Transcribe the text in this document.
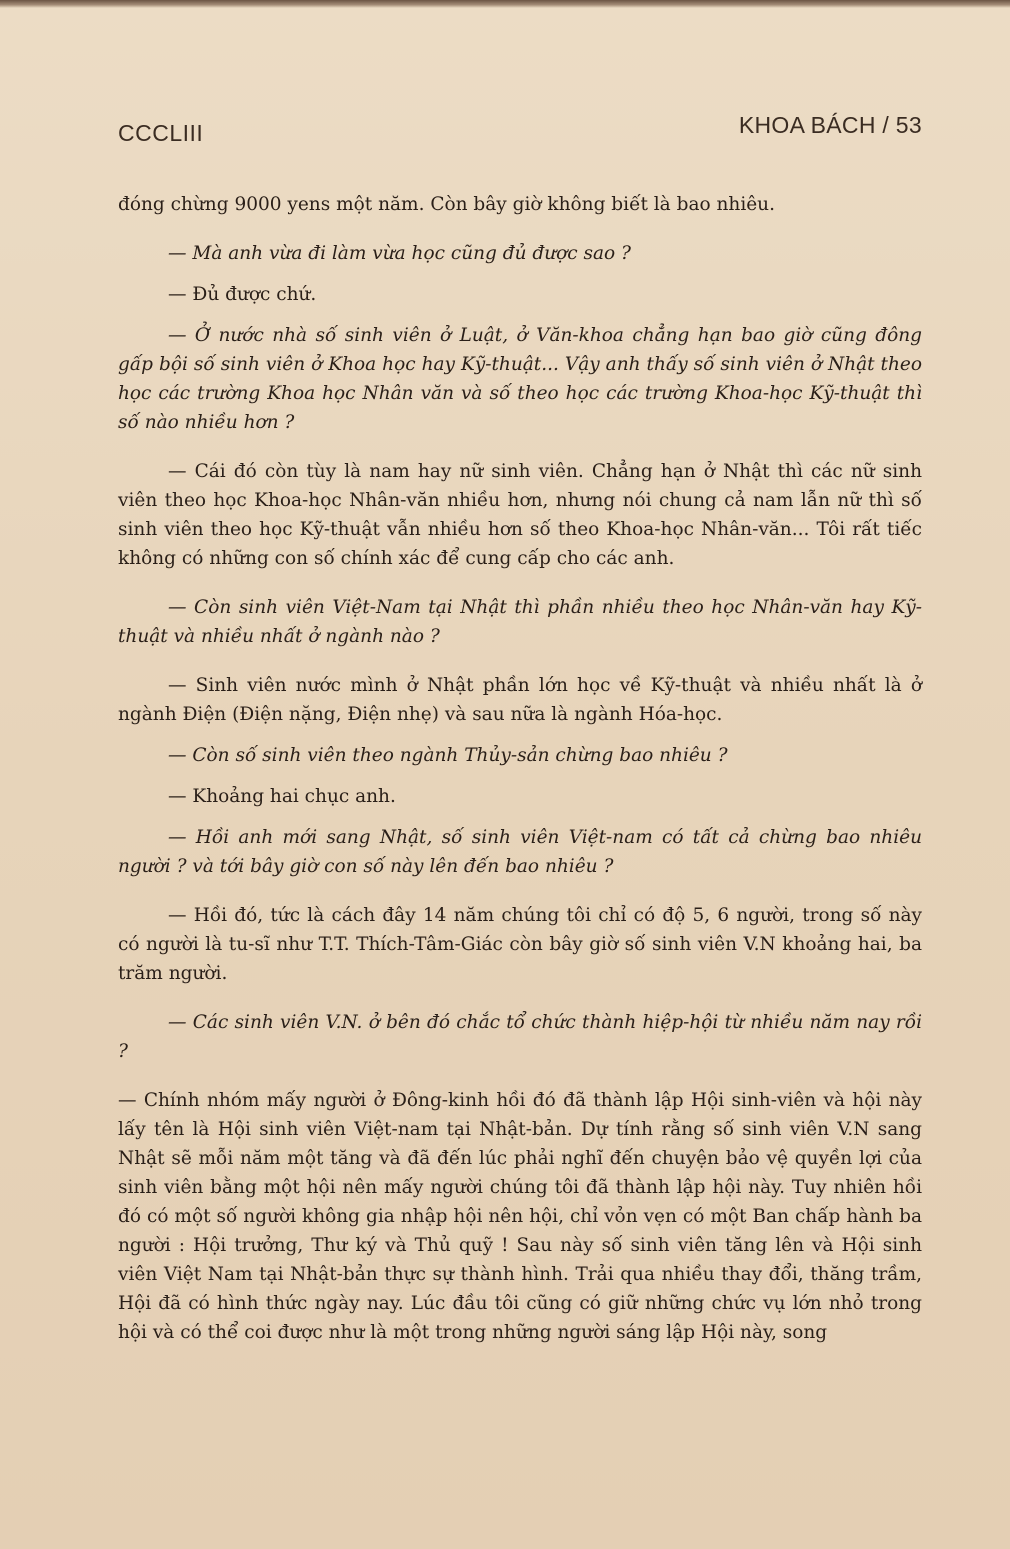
CCCLIII	KHOA BÁCH / 53

đóng chừng 9000 yens một năm. Còn bây giờ không biết là bao nhiêu.

— Mà anh vừa đi làm vừa học cũng đủ được sao ?

— Đủ được chứ.

— Ở nước nhà số sinh viên ở Luật, ở Văn-khoa chẳng hạn bao giờ cũng đông gấp bội số sinh viên ở Khoa học hay Kỹ-thuật... Vậy anh thấy số sinh viên ở Nhật theo học các trường Khoa học Nhân văn và số theo học các trường Khoa-học Kỹ-thuật thì số nào nhiều hơn ?

— Cái đó còn tùy là nam hay nữ sinh viên. Chẳng hạn ở Nhật thì các nữ sinh viên theo học Khoa-học Nhân-văn nhiều hơn, nhưng nói chung cả nam lẫn nữ thì số sinh viên theo học Kỹ-thuật vẫn nhiều hơn số theo Khoa-học Nhân-văn... Tôi rất tiếc không có những con số chính xác để cung cấp cho các anh.

— Còn sinh viên Việt-Nam tại Nhật thì phần nhiều theo học Nhân-văn hay Kỹ-thuật và nhiều nhất ở ngành nào ?

— Sinh viên nước mình ở Nhật phần lớn học về Kỹ-thuật và nhiều nhất là ở ngành Điện (Điện nặng, Điện nhẹ) và sau nữa là ngành Hóa-học.

— Còn số sinh viên theo ngành Thủy-sản chừng bao nhiêu ?

— Khoảng hai chục anh.

— Hồi anh mới sang Nhật, số sinh viên Việt-nam có tất cả chừng bao nhiêu người ? và tới bây giờ con số này lên đến bao nhiêu ?

— Hồi đó, tức là cách đây 14 năm chúng tôi chỉ có độ 5, 6 người, trong số này có người là tu-sĩ như T.T. Thích-Tâm-Giác còn bây giờ số sinh viên V.N khoảng hai, ba trăm người.

— Các sinh viên V.N. ở bên đó chắc tổ chức thành hiệp-hội từ nhiều năm nay rồi ?

— Chính nhóm mấy người ở Đông-kinh hồi đó đã thành lập Hội sinh-viên và hội này lấy tên là Hội sinh viên Việt-nam tại Nhật-bản. Dự tính rằng số sinh viên V.N sang Nhật sẽ mỗi năm một tăng và đã đến lúc phải nghĩ đến chuyện bảo vệ quyền lợi của sinh viên bằng một hội nên mấy người chúng tôi đã thành lập hội này. Tuy nhiên hồi đó có một số người không gia nhập hội nên hội, chỉ vỏn vẹn có một Ban chấp hành ba người : Hội trưởng, Thư ký và Thủ quỹ ! Sau này số sinh viên tăng lên và Hội sinh viên Việt Nam tại Nhật-bản thực sự thành hình. Trải qua nhiều thay đổi, thăng trầm, Hội đã có hình thức ngày nay. Lúc đầu tôi cũng có giữ những chức vụ lớn nhỏ trong hội và có thể coi được như là một trong những người sáng lập Hội này, song
